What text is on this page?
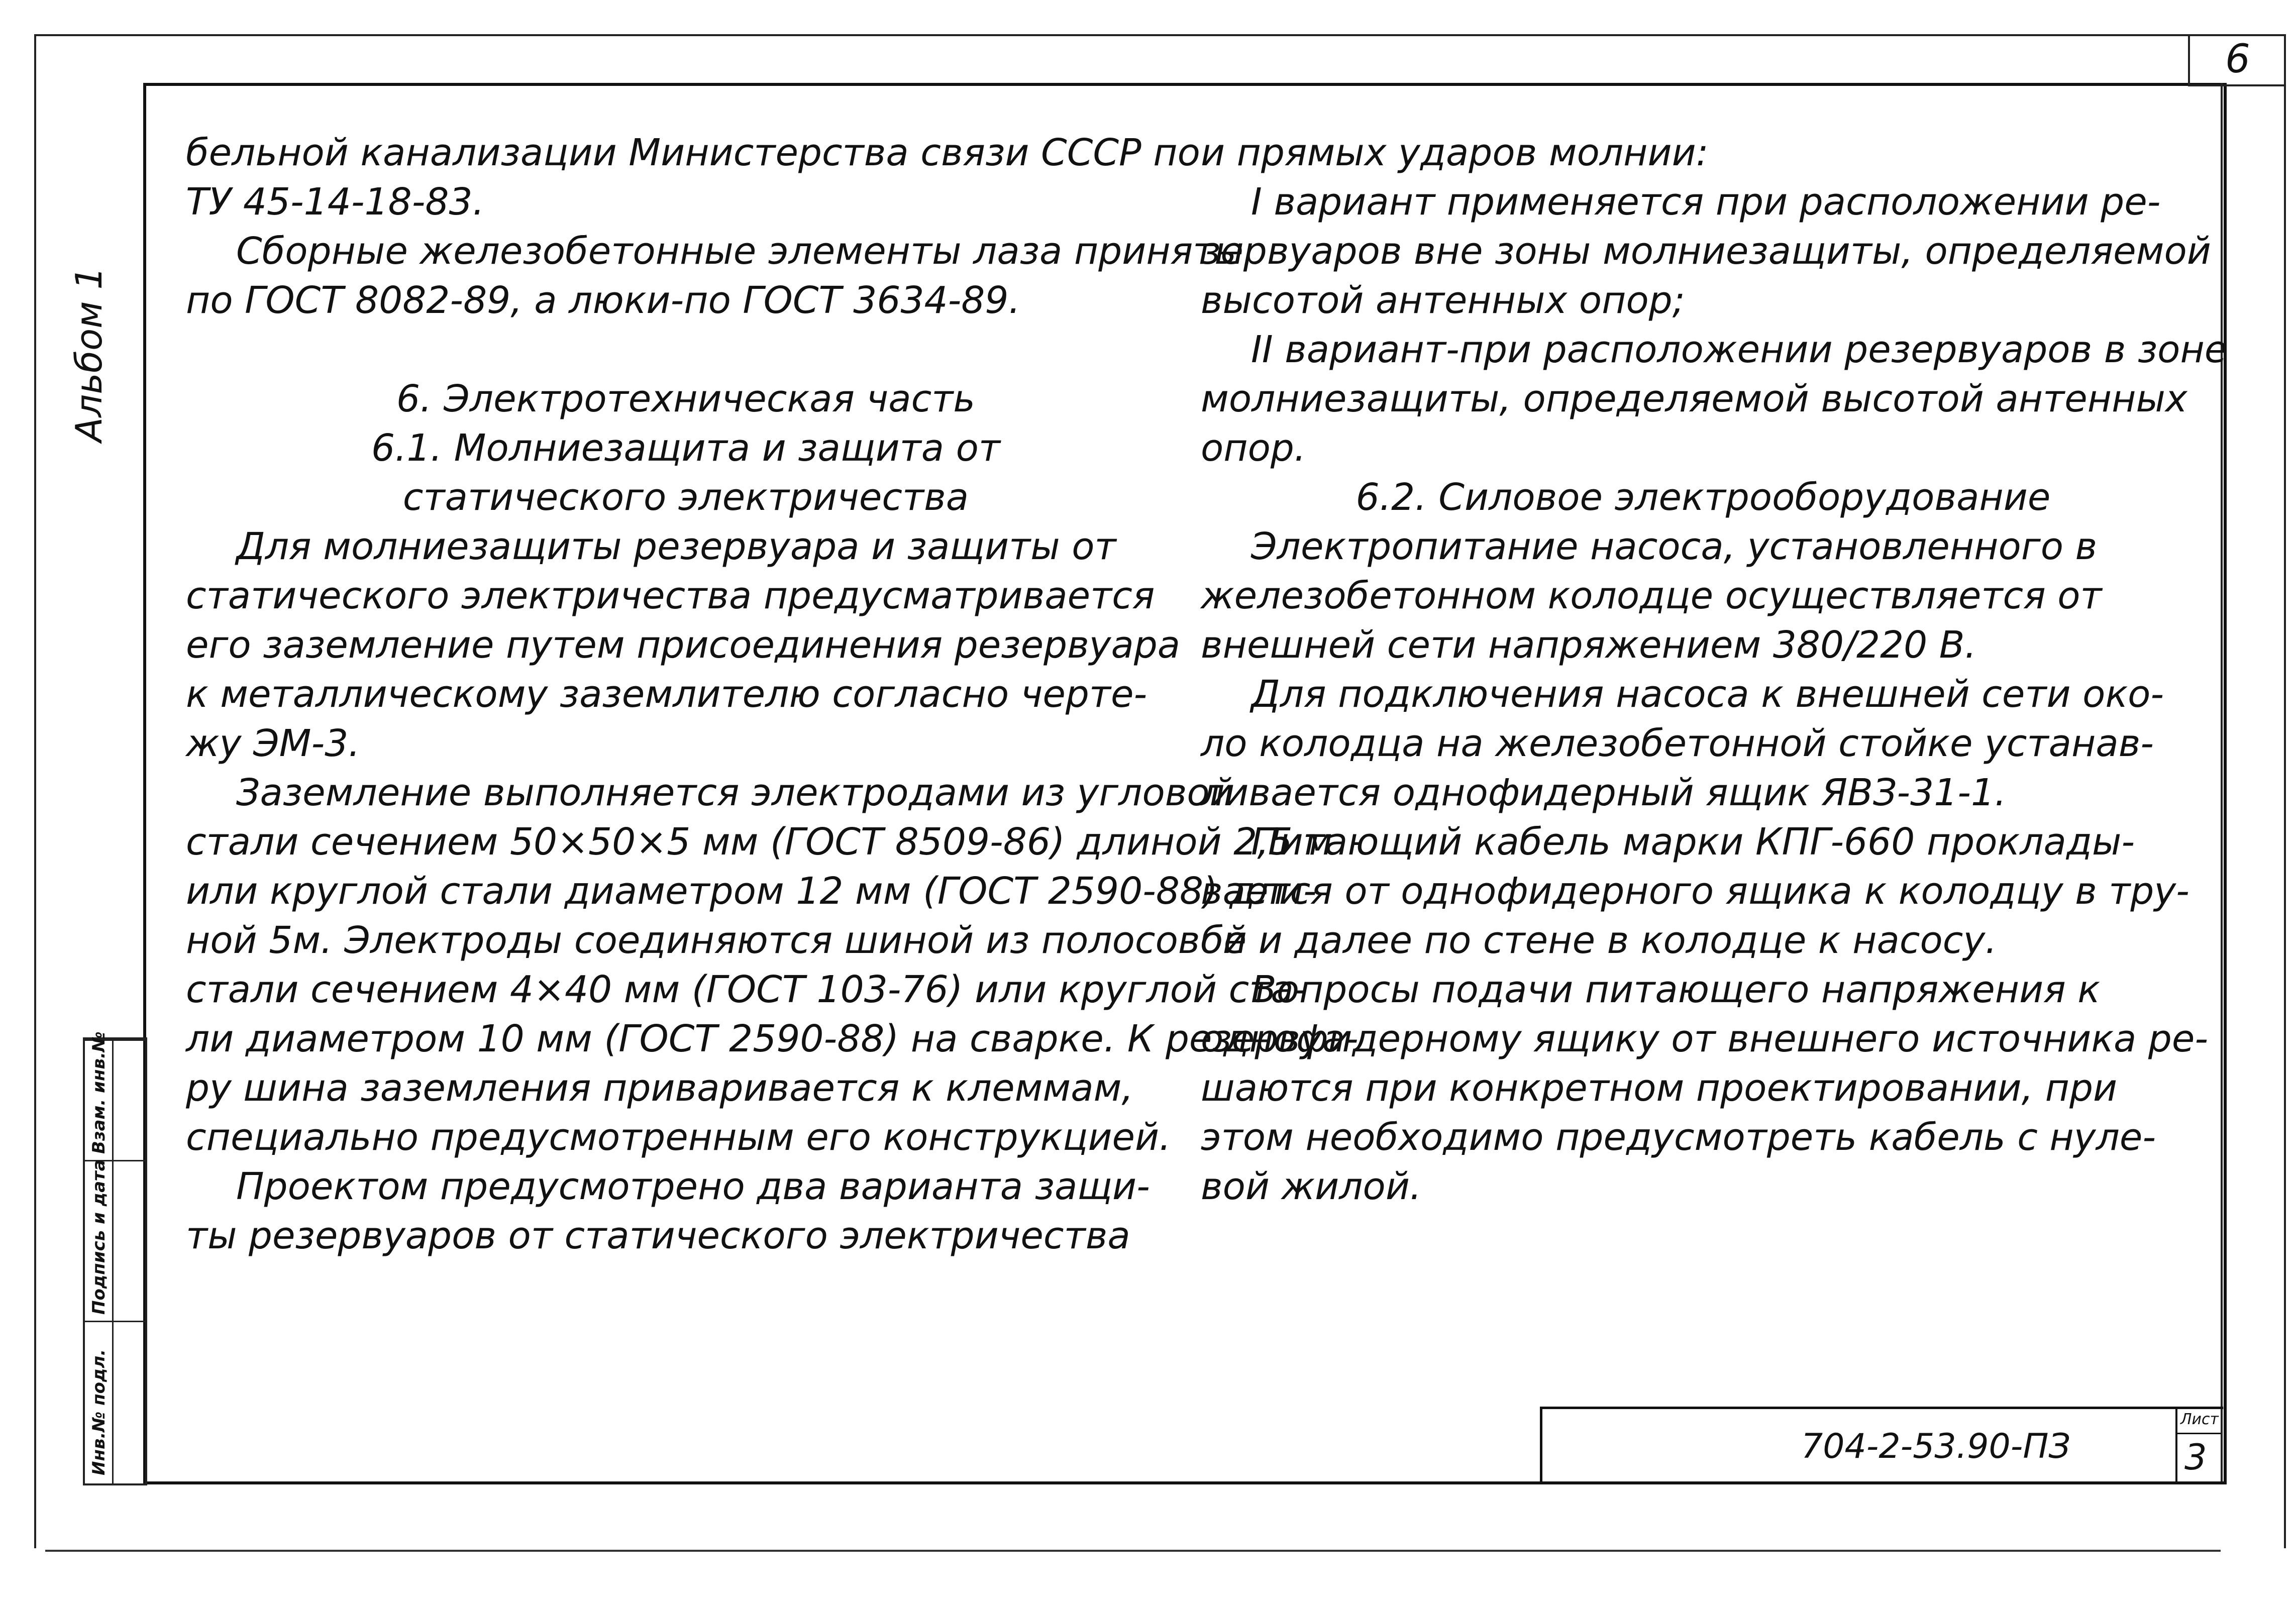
6
Альбом 1
Инв.№ подл.
Подпись и дата
Взам. инв.№

бельной канализации Министерства связи СССР по

ТУ 45-14-18-83.

Сборные железобетонные элементы лаза приняты

по ГОСТ 8082-89, а люки-по ГОСТ 3634-89.

6. Электротехническая часть

6.1. Молниезащита и защита от

статического электричества

Для молниезащиты резервуара и защиты от

статического электричества предусматривается

его заземление путем присоединения резервуара

к металлическому заземлителю согласно черте-

жу ЭМ-3.

Заземление выполняется электродами из угловой

стали сечением 50×50×5 мм (ГОСТ 8509-86) длиной 2,5 м

или круглой стали диаметром 12 мм (ГОСТ 2590-88) дли-

ной 5м. Электроды соединяются шиной из полосовой

стали сечением 4×40 мм (ГОСТ 103-76) или круглой ста-

ли диаметром 10 мм (ГОСТ 2590-88) на сварке. К резервуа-

ру шина заземления приваривается к клеммам,

специально предусмотренным его конструкцией.

Проектом предусмотрено два варианта защи-

ты резервуаров от статического электричества

и прямых ударов молнии:

I вариант применяется при расположении ре-

зервуаров вне зоны молниезащиты, определяемой

высотой антенных опор;

II вариант-при расположении резервуаров в зоне

молниезащиты, определяемой высотой антенных

опор.

6.2. Силовое электрооборудование

Электропитание насоса, установленного в

железобетонном колодце осуществляется от

внешней сети напряжением 380/220 В.

Для подключения насоса к внешней сети око-

ло колодца на железобетонной стойке устанав-

ливается однофидерный ящик ЯВЗ-31-1.

Питающий кабель марки КПГ-660 проклады-

вается от однофидерного ящика к колодцу в тру-

бе и далее по стене в колодце к насосу.

Вопросы подачи питающего напряжения к

однофидерному ящику от внешнего источника ре-

шаются при конкретном проектировании, при

этом необходимо предусмотреть кабель с нуле-

вой жилой.

704-2-53.90-ПЗ
Лист
3
